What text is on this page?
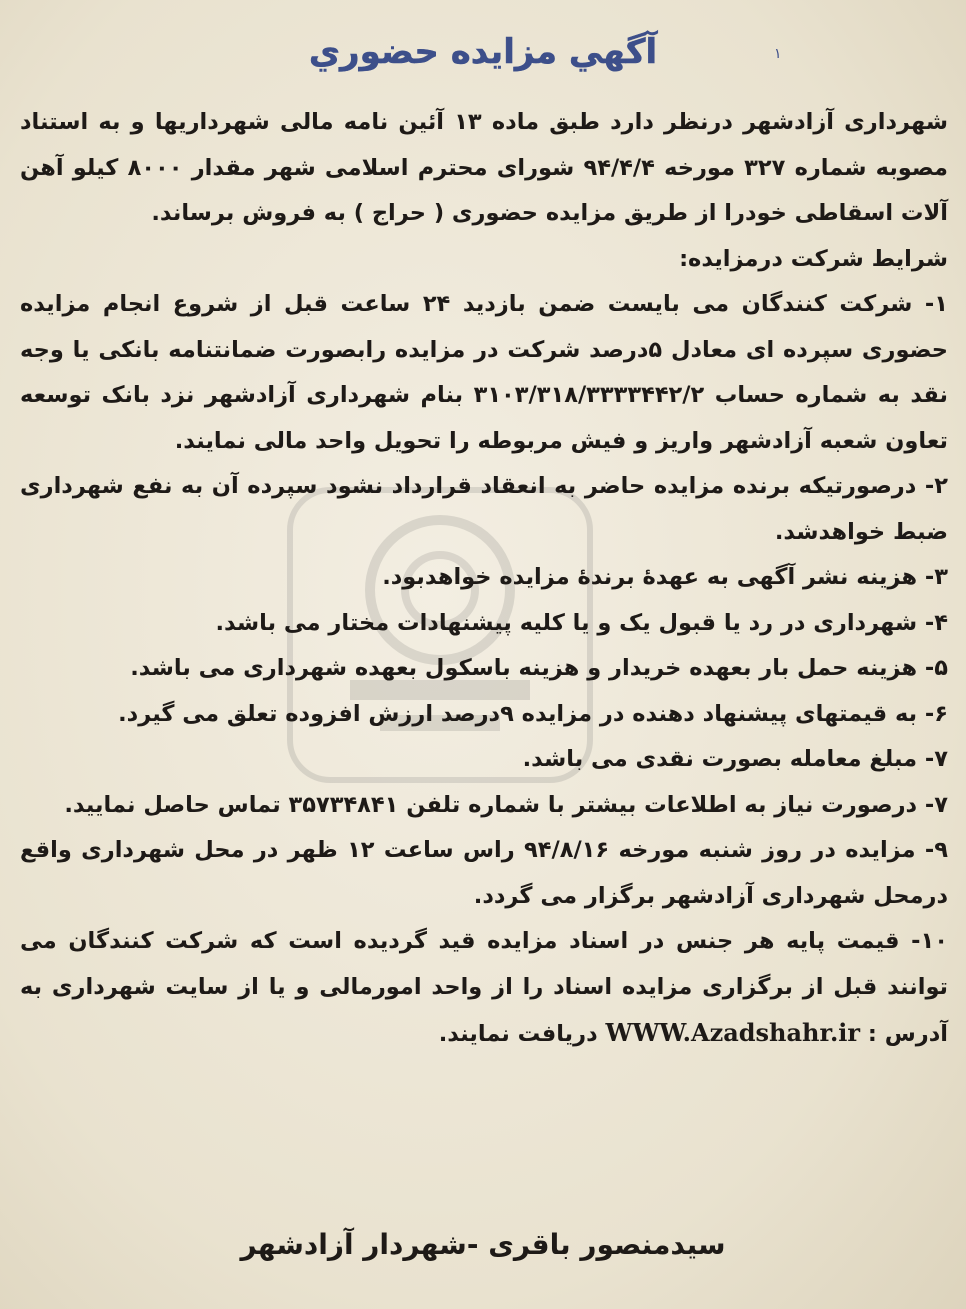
۱
آگهي مزايده حضوري

شهرداری آزادشهر درنظر دارد طبق ماده ۱۳ آئین نامه مالی شهرداریها و به استناد مصوبه شماره ۳۲۷ مورخه ۹۴/۴/۴ شورای محترم اسلامی شهر مقدار ۸۰۰۰ کیلو آهن آلات اسقاطی خودرا از طریق مزایده حضوری ( حراج ) به فروش برساند.

شرایط شرکت درمزایده:

۱- شرکت کنندگان می بایست ضمن بازدید ۲۴ ساعت قبل از شروع انجام مزایده حضوری سپرده ای معادل ۵درصد شرکت در مزایده رابصورت ضمانتنامه بانکی یا وجه نقد به شماره حساب ۳۱۰۳/۳۱۸/۳۳۳۳۴۴۲/۲ بنام شهرداری آزادشهر نزد بانک توسعه تعاون شعبه آزادشهر واریز و فیش مربوطه را تحویل واحد مالی نمایند.

۲- درصورتیکه برنده مزایده حاضر به انعقاد قرارداد نشود سپرده آن به نفع شهرداری ضبط خواهدشد.

۳- هزینه نشر آگهی به عهدهٔ برندهٔ مزایده خواهدبود.

۴- شهرداری در رد یا قبول یک و یا کلیه پیشنهادات مختار می باشد.

۵- هزینه حمل بار بعهده خریدار و هزینه باسکول بعهده شهرداری می باشد.

۶- به قیمتهای پیشنهاد دهنده در مزایده ۹درصد ارزش افزوده تعلق می گیرد.

۷- مبلغ معامله بصورت نقدی می باشد.

۷- درصورت نیاز به اطلاعات بیشتر با شماره تلفن ۳۵۷۳۴۸۴۱ تماس حاصل نمایید.

۹- مزایده در روز شنبه مورخه ۹۴/۸/۱۶ راس ساعت ۱۲ ظهر در محل شهرداری واقع درمحل شهرداری آزادشهر برگزار می گردد.

۱۰- قیمت پایه هر جنس در اسناد مزایده قید گردیده است که شرکت کنندگان می توانند قبل از برگزاری مزایده اسناد را از واحد امورمالی و یا از سایت شهرداری به آدرس : WWW.Azadshahr.ir دریافت نمایند.

سیدمنصور باقری -شهردار آزادشهر
